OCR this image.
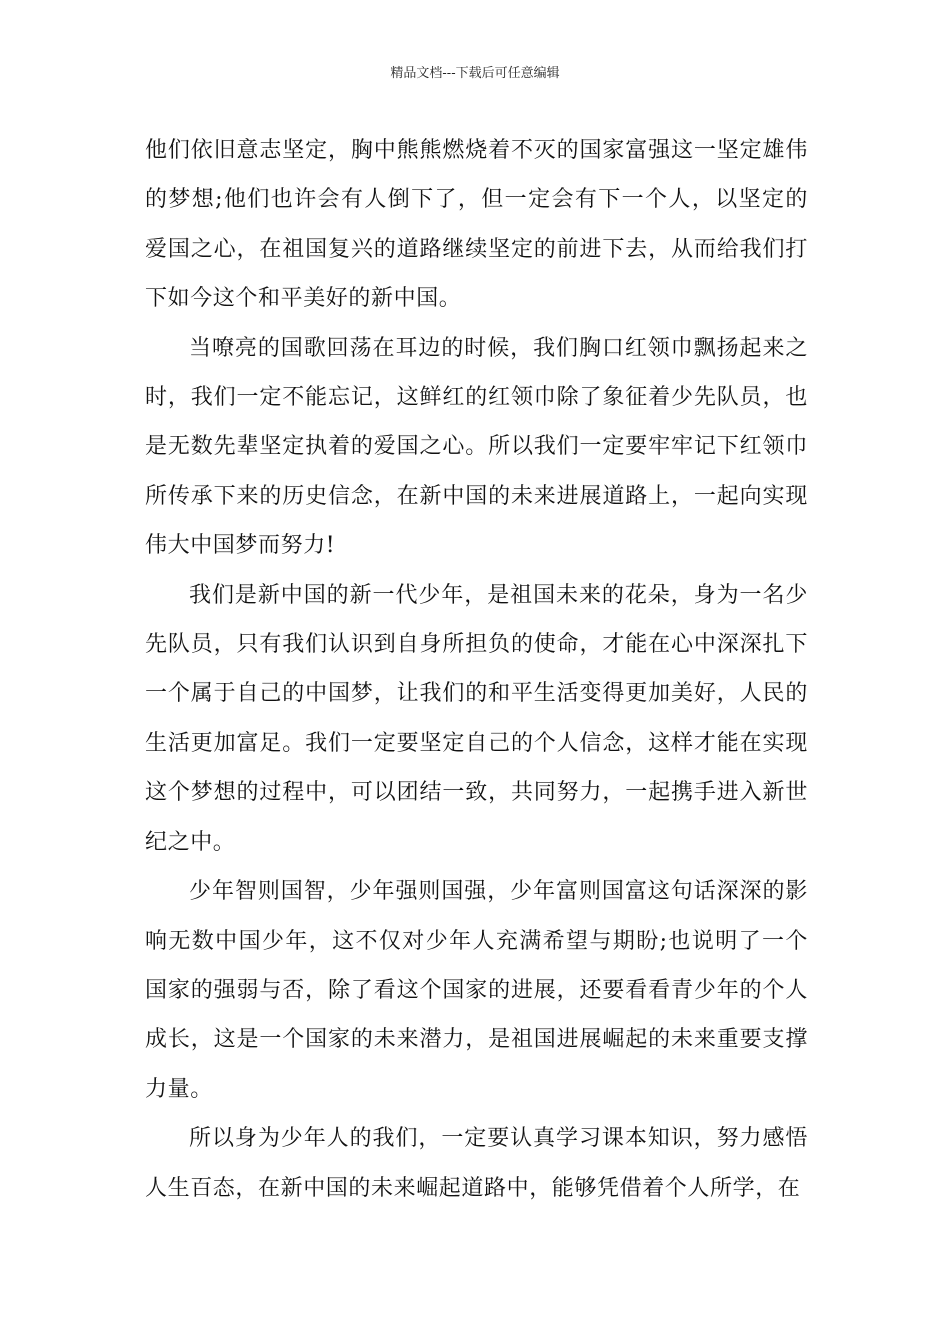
精品文档---下载后可任意编辑

他们依旧意志坚定，胸中熊熊燃烧着不灭的国家富强这一坚定雄伟的梦想;他们也许会有人倒下了，但一定会有下一个人，以坚定的爱国之心，在祖国复兴的道路继续坚定的前进下去，从而给我们打下如今这个和平美好的新中国。

当嘹亮的国歌回荡在耳边的时候，我们胸口红领巾飘扬起来之时，我们一定不能忘记，这鲜红的红领巾除了象征着少先队员，也是无数先辈坚定执着的爱国之心。所以我们一定要牢牢记下红领巾所传承下来的历史信念，在新中国的未来进展道路上，一起向实现伟大中国梦而努力!

我们是新中国的新一代少年，是祖国未来的花朵，身为一名少先队员，只有我们认识到自身所担负的使命，才能在心中深深扎下一个属于自己的中国梦，让我们的和平生活变得更加美好，人民的生活更加富足。我们一定要坚定自己的个人信念，这样才能在实现这个梦想的过程中，可以团结一致，共同努力，一起携手进入新世纪之中。

少年智则国智，少年强则国强，少年富则国富这句话深深的影响无数中国少年，这不仅对少年人充满希望与期盼;也说明了一个国家的强弱与否，除了看这个国家的进展，还要看看青少年的个人成长，这是一个国家的未来潜力，是祖国进展崛起的未来重要支撑力量。

所以身为少年人的我们，一定要认真学习课本知识，努力感悟人生百态，在新中国的未来崛起道路中，能够凭借着个人所学，在
